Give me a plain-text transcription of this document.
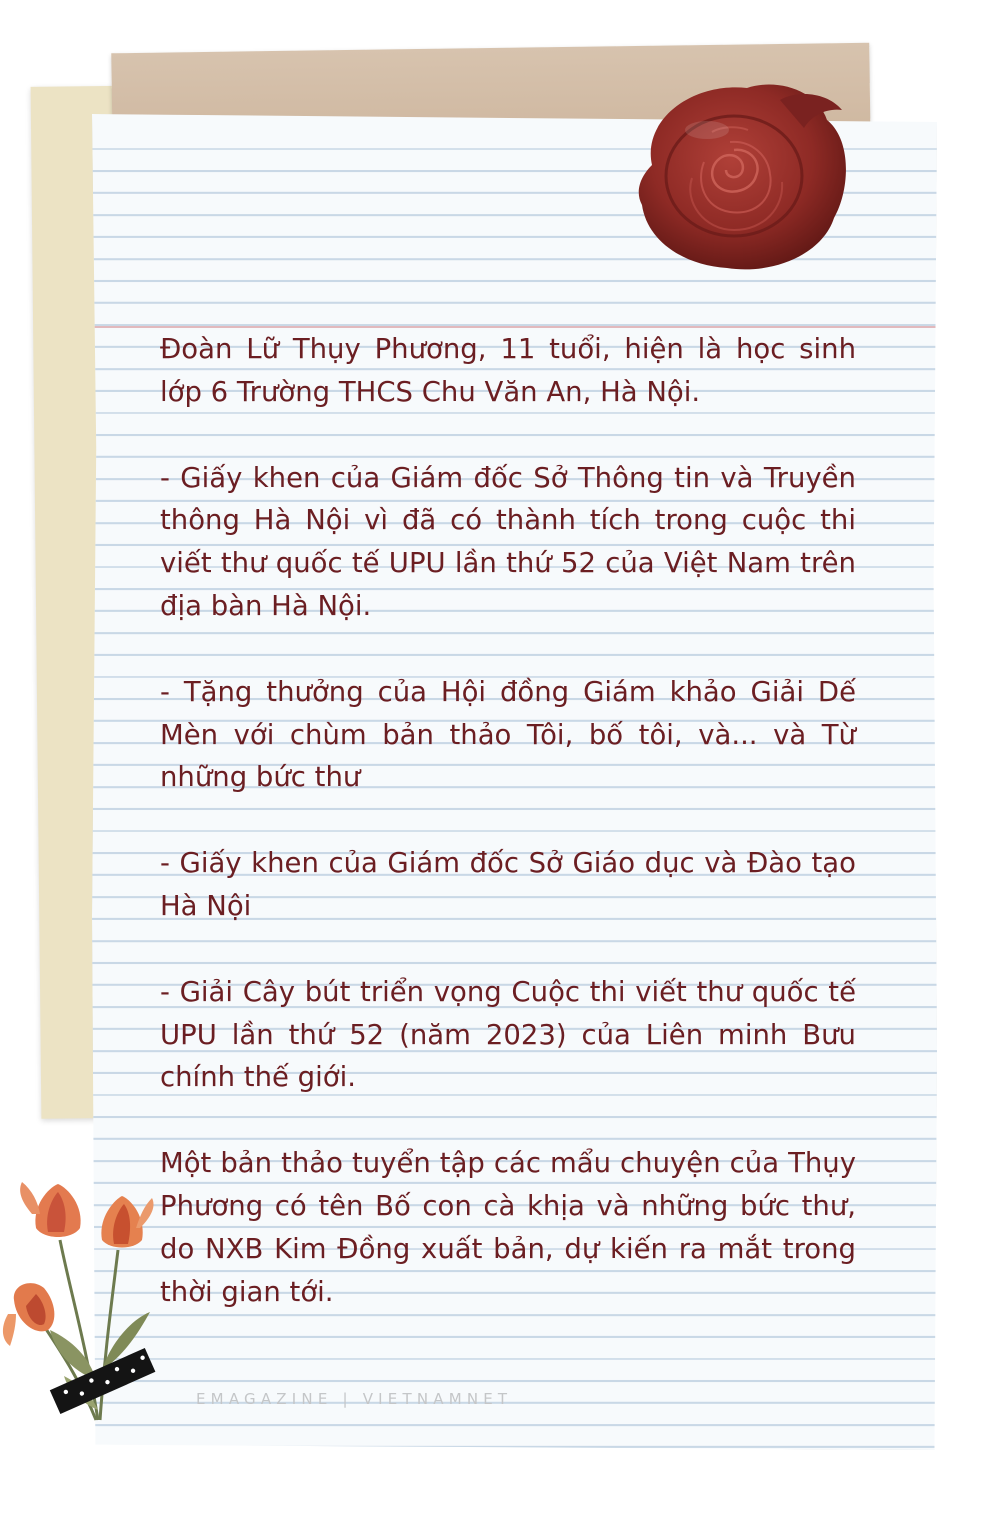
Đoàn Lữ Thụy Phương, 11 tuổi, hiện là học sinh lớp 6 Trường THCS Chu Văn An, Hà Nội.

- Giấy khen của Giám đốc Sở Thông tin và Truyền thông Hà Nội vì đã có thành tích trong cuộc thi viết thư quốc tế UPU lần thứ 52 của Việt Nam trên địa bàn Hà Nội.

- Tặng thưởng của Hội đồng Giám khảo Giải Dế Mèn với chùm bản thảo Tôi, bố tôi, và... và Từ những bức thư

- Giấy khen của Giám đốc Sở Giáo dục và Đào tạo Hà Nội

- Giải Cây bút triển vọng Cuộc thi viết thư quốc tế UPU lần thứ 52 (năm 2023) của Liên minh Bưu chính thế giới.

Một bản thảo tuyển tập các mẩu chuyện của Thụy Phương có tên Bố con cà khịa và những bức thư, do NXB Kim Đồng xuất bản, dự kiến ra mắt trong thời gian tới.

EMAGAZINE | VIETNAMNET
